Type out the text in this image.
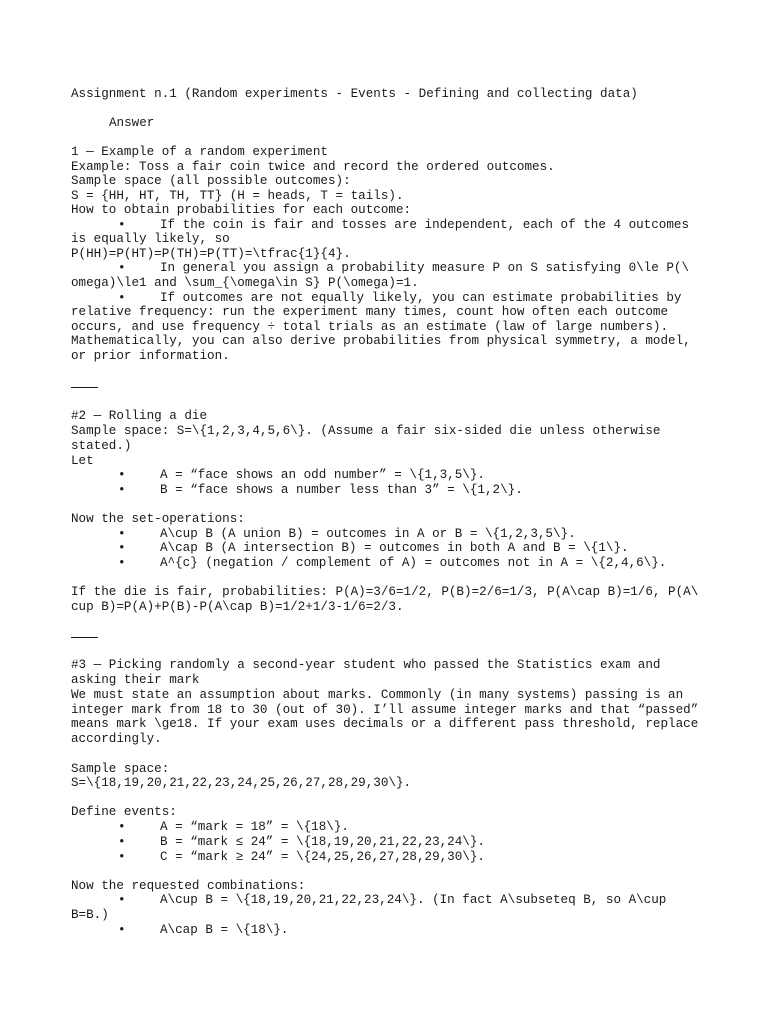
Assignment n.1 (Random experiments - Events - Defining and collecting data)
Answer
1 — Example of a random experiment
Example: Toss a fair coin twice and record the ordered outcomes.
Sample space (all possible outcomes):
S = {HH, HT, TH, TT} (H = heads, T = tails).
How to obtain probabilities for each outcome:
•	If the coin is fair and tosses are independent, each of the 4 outcomes
is equally likely, so
P(HH)=P(HT)=P(TH)=P(TT)=\tfrac{1}{4}.
•	In general you assign a probability measure P on S satisfying 0\le P(\
omega)\le1 and \sum_{\omega\in S} P(\omega)=1.
•	If outcomes are not equally likely, you can estimate probabilities by
relative frequency: run the experiment many times, count how often each outcome
occurs, and use frequency ÷ total trials as an estimate (law of large numbers).
Mathematically, you can also derive probabilities from physical symmetry, a model,
or prior information.
#2 — Rolling a die
Sample space: S=\{1,2,3,4,5,6\}. (Assume a fair six-sided die unless otherwise
stated.)
Let
•	A = “face shows an odd number” = \{1,3,5\}.
•	B = “face shows a number less than 3” = \{1,2\}.
Now the set-operations:
•	A\cup B (A union B) = outcomes in A or B = \{1,2,3,5\}.
•	A\cap B (A intersection B) = outcomes in both A and B = \{1\}.
•	A^{c} (negation / complement of A) = outcomes not in A = \{2,4,6\}.
If the die is fair, probabilities: P(A)=3/6=1/2, P(B)=2/6=1/3, P(A\cap B)=1/6, P(A\
cup B)=P(A)+P(B)-P(A\cap B)=1/2+1/3-1/6=2/3.
#3 — Picking randomly a second-year student who passed the Statistics exam and
asking their mark
We must state an assumption about marks. Commonly (in many systems) passing is an
integer mark from 18 to 30 (out of 30). I’ll assume integer marks and that “passed”
means mark \ge18. If your exam uses decimals or a different pass threshold, replace
accordingly.
Sample space:
S=\{18,19,20,21,22,23,24,25,26,27,28,29,30\}.
Define events:
•	A = “mark = 18” = \{18\}.
•	B = “mark ≤ 24” = \{18,19,20,21,22,23,24\}.
•	C = “mark ≥ 24” = \{24,25,26,27,28,29,30\}.
Now the requested combinations:
•	A\cup B = \{18,19,20,21,22,23,24\}. (In fact A\subseteq B, so A\cup
B=B.)
•	A\cap B = \{18\}.
